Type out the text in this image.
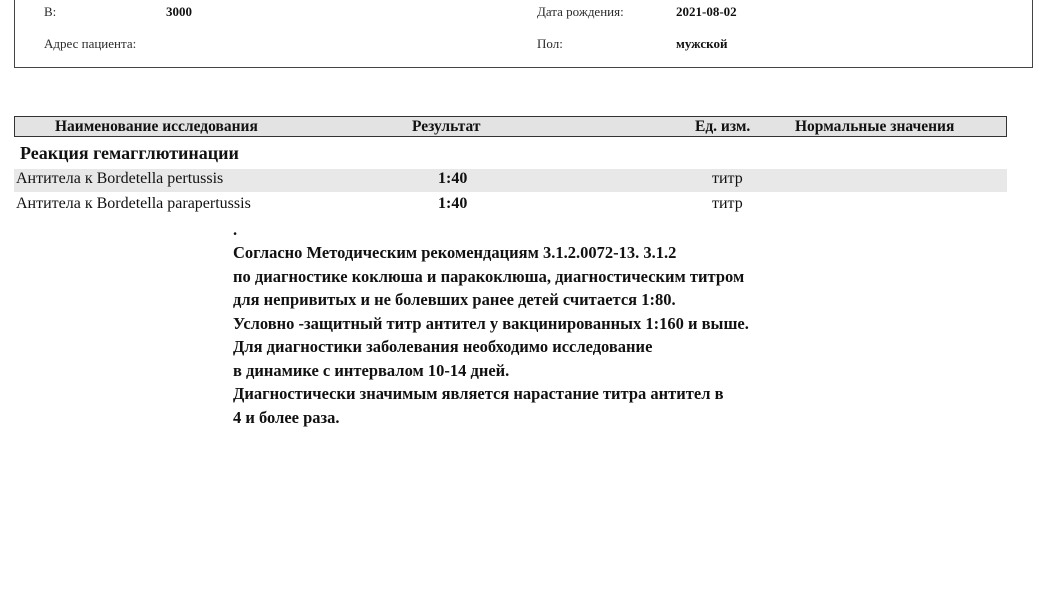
В:	3000
Адрес пациента:
Дата рождения:	2021-08-02
Пол:	мужской
Наименование исследования	Результат	Ед. изм.	Нормальные значения
Реакция гемагглютинации
Антитела к Bordetella pertussis	1:40	титр
Антитела к Bordetella parapertussis	1:40	титр
.
Согласно Методическим рекомендациям 3.1.2.0072-13. 3.1.2
по диагностике коклюша и паракоклюша, диагностическим титром
для непривитых и не болевших ранее детей считается 1:80.
Условно -защитный титр антител у вакцинированных 1:160 и выше.
Для диагностики заболевания необходимо исследование
в динамике с интервалом 10-14 дней.
Диагностически значимым является нарастание титра антител в
4 и более раза.
